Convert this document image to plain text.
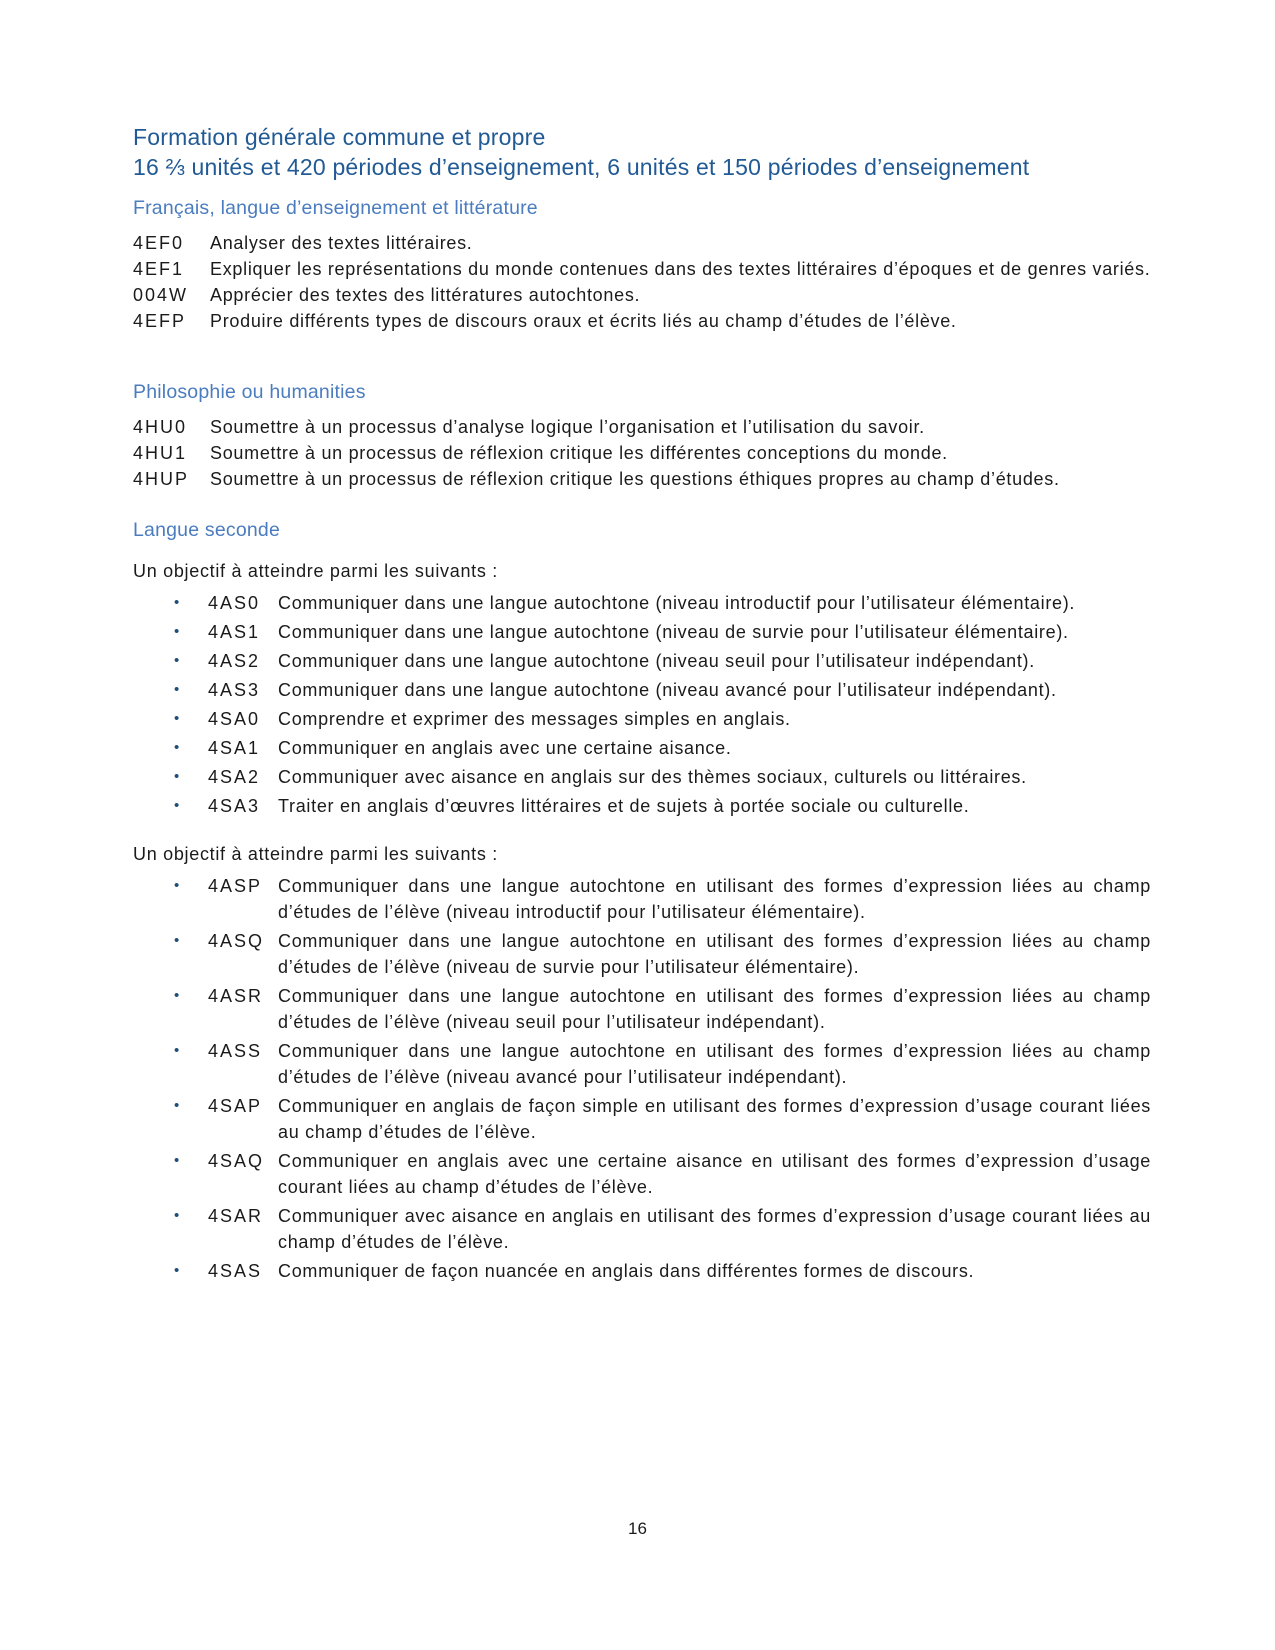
Formation générale commune et propre
16 ⅔ unités et 420 périodes d’enseignement, 6 unités et 150 périodes d’enseignement
Français, langue d’enseignement et littérature
4EF0	Analyser des textes littéraires.
4EF1	Expliquer les représentations du monde contenues dans des textes littéraires d’époques et de genres variés.
004W	Apprécier des textes des littératures autochtones.
4EFP	Produire différents types de discours oraux et écrits liés au champ d’études de l’élève.
Philosophie ou humanities
4HU0	Soumettre à un processus d’analyse logique l’organisation et l’utilisation du savoir.
4HU1	Soumettre à un processus de réflexion critique les différentes conceptions du monde.
4HUP	Soumettre à un processus de réflexion critique les questions éthiques propres au champ d’études.
Langue seconde

Un objectif à atteindre parmi les suivants :

•
4AS0 Communiquer dans une langue autochtone (niveau introductif pour l’utilisateur élémentaire).
•
4AS1 Communiquer dans une langue autochtone (niveau de survie pour l’utilisateur élémentaire).
•
4AS2 Communiquer dans une langue autochtone (niveau seuil pour l’utilisateur indépendant).
•
4AS3 Communiquer dans une langue autochtone (niveau avancé pour l’utilisateur indépendant).
•
4SA0 Comprendre et exprimer des messages simples en anglais.
•
4SA1 Communiquer en anglais avec une certaine aisance.
•
4SA2 Communiquer avec aisance en anglais sur des thèmes sociaux, culturels ou littéraires.
•
4SA3 Traiter en anglais d’œuvres littéraires et de sujets à portée sociale ou culturelle.

Un objectif à atteindre parmi les suivants :

•
4ASP Communiquer dans une langue autochtone en utilisant des formes d’expression liées au champ d’études de l’élève (niveau introductif pour l’utilisateur élémentaire).
•
4ASQ Communiquer dans une langue autochtone en utilisant des formes d’expression liées au champ d’études de l’élève (niveau de survie pour l’utilisateur élémentaire).
•
4ASR Communiquer dans une langue autochtone en utilisant des formes d’expression liées au champ d’études de l’élève (niveau seuil pour l’utilisateur indépendant).
•
4ASS Communiquer dans une langue autochtone en utilisant des formes d’expression liées au champ d’études de l’élève (niveau avancé pour l’utilisateur indépendant).
•
4SAP Communiquer en anglais de façon simple en utilisant des formes d’expression d’usage courant liées au champ d’études de l’élève.
•
4SAQ Communiquer en anglais avec une certaine aisance en utilisant des formes d’expression d’usage courant liées au champ d’études de l’élève.
•
4SAR Communiquer avec aisance en anglais en utilisant des formes d’expression d’usage courant liées au champ d’études de l’élève.
•
4SAS Communiquer de façon nuancée en anglais dans différentes formes de discours.
16
